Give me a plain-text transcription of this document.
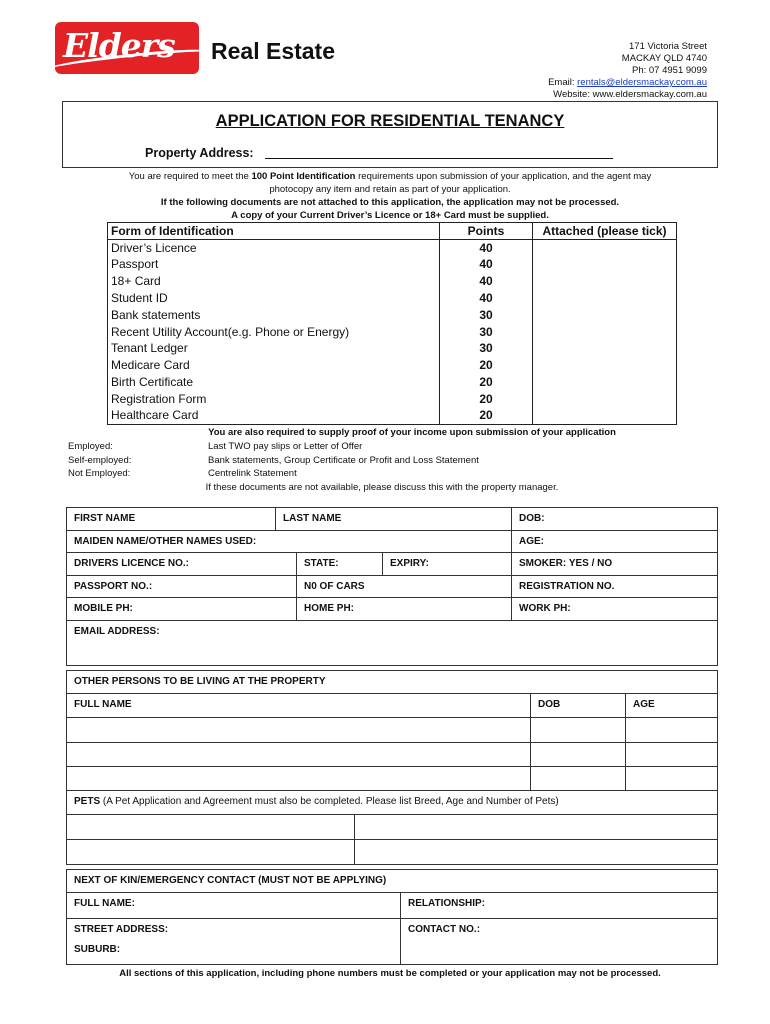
Elders Real Estate	171 Victoria Street
MACKAY QLD 4740
Ph: 07 4951 9099
Email: rentals@eldersmackay.com.au
Website: www.eldersmackay.com.au
APPLICATION FOR RESIDENTIAL TENANCY
Property Address:
You are required to meet the 100 Point Identification requirements upon submission of your application, and the agent may
photocopy any item and retain as part of your application.
If the following documents are not attached to this application, the application may not be processed.
A copy of your Current Driver’s Licence or 18+ Card must be supplied.
Form of Identification	Points	Attached (please tick)
Driver’s Licence	40	
Passport	40	
18+ Card	40	
Student ID	40	
Bank statements	30	
Recent Utility Account(e.g. Phone or Energy)	30	
Tenant Ledger	30	
Medicare Card	20	
Birth Certificate	20	
Registration Form	20	
Healthcare Card	20	
You are also required to supply proof of your income upon submission of your application
Employed:	Last TWO pay slips or Letter of Offer
Self-employed:	Bank statements, Group Certificate or Profit and Loss Statement
Not Employed:	Centrelink Statement
If these documents are not available, please discuss this with the property manager.
FIRST NAME	LAST NAME	DOB:
MAIDEN NAME/OTHER NAMES USED:	AGE:
DRIVERS LICENCE NO.:	STATE:	EXPIRY:	SMOKER: YES / NO
PASSPORT NO.:	N0 OF CARS	REGISTRATION NO.
MOBILE PH:	HOME PH:	WORK PH:
EMAIL ADDRESS:
OTHER PERSONS TO BE LIVING AT THE PROPERTY
FULL NAME	DOB	AGE
PETS (A Pet Application and Agreement must also be completed. Please list Breed, Age and Number of Pets)
NEXT OF KIN/EMERGENCY CONTACT (MUST NOT BE APPLYING)
FULL NAME:	RELATIONSHIP:
STREET ADDRESS:
SUBURB:
CONTACT NO.:
All sections of this application, including phone numbers must be completed or your application may not be processed.
